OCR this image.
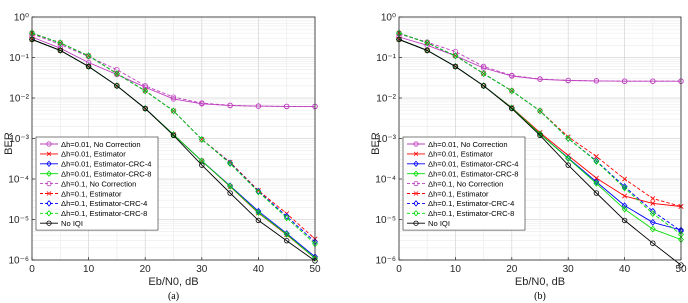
0	10	20	30	40	50
10⁻⁶
10⁻⁵
10⁻⁴
10⁻³
10⁻²
10⁻¹
10⁰
Eb/N0, dB
BER
(a)
Δh=0.01, No Correction
Δh=0.01, Estimator
Δh=0.01, Estimator-CRC-4
Δh=0.01, Estimator-CRC-8
Δh=0.1, No Correction
Δh=0.1, Estimator
Δh=0.1, Estimator-CRC-4
Δh=0.1, Estimator-CRC-8
No IQI
0	10	20	30	40	50
10⁻⁶
10⁻⁵
10⁻⁴
10⁻³
10⁻²
10⁻¹
10⁰
Eb/N0, dB
BER
(b)
Δh=0.01, No Correction
Δh=0.01, Estimator
Δh=0.01, Estimator-CRC-4
Δh=0.01, Estimator-CRC-8
Δh=0.1, No Correction
Δh=0.1, Estimator
Δh=0.1, Estimator-CRC-4
Δh=0.1, Estimator-CRC-8
No IQI
